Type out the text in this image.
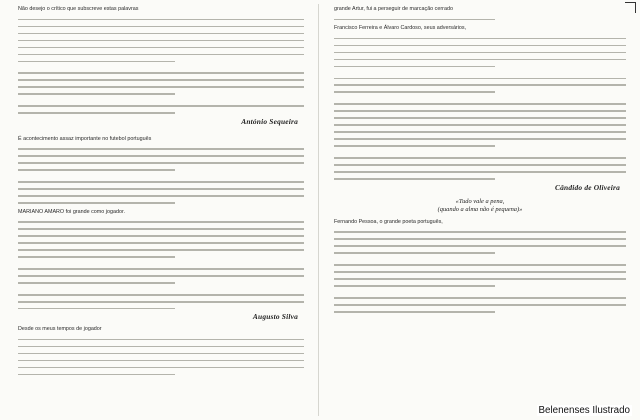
Não desejo o crítico que subscreve estas palavras
António Sequeira
É acontecimento assaz importante no futebol português
MARIANO AMARO foi grande como jogador.
Augusto Silva
Desde os meus tempos de jogador
grande Artur, fui a perseguir de marcação cerrado
Francisco Ferreira e Álvaro Cardoso, seus adversários,
Cândido de Oliveira
«Tudo vale a pena,
(quando a alma não é pequena)»
Fernando Pessoa, o grande poeta português,
Belenenses Ilustrado
